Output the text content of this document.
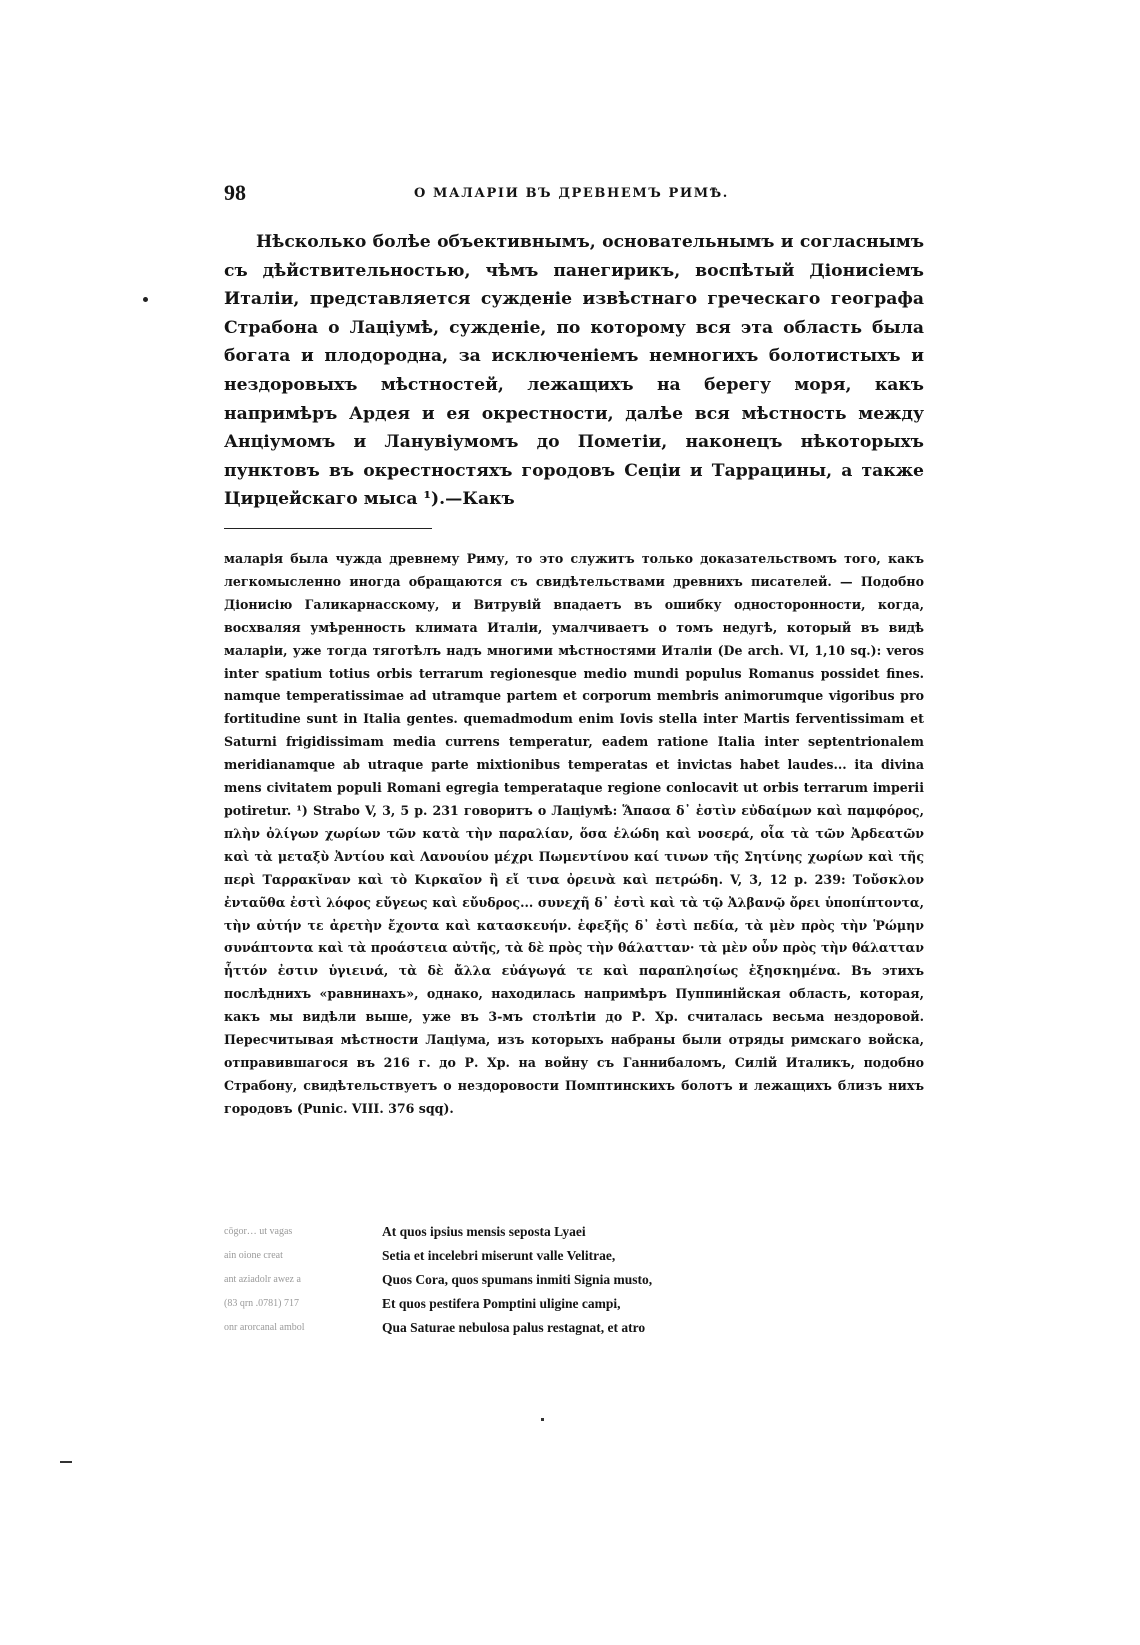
98	О МАЛАРІИ ВЪ ДРЕВНЕМЪ РИМѢ.

Нѣсколько болѣе объективнымъ, основательнымъ и согласнымъ съ дѣйствительностью, чѣмъ панегирикъ, воспѣтый Діонисіемъ Италіи, представляется сужденіе извѣстнаго греческаго географа Страбона о Лаціумѣ, сужденіе, по которому вся эта область была богата и плодородна, за исключеніемъ немногихъ болотистыхъ и нездоровыхъ мѣстностей, лежащихъ на берегу моря, какъ напримѣръ Ардея и ея окрестности, далѣе вся мѣстность между Анціумомъ и Ланувіумомъ до Пометіи, наконецъ нѣкоторыхъ пунктовъ въ окрестностяхъ городовъ Сеціи и Таррацины, а также Цирцейскаго мыса ¹).—Какъ

маларія была чужда древнему Риму, то это служитъ только доказательствомъ того, какъ легкомысленно иногда обращаются съ свидѣтельствами древнихъ писателей. — Подобно Діонисію Галикарнасскому, и Витрувій впадаетъ въ ошибку односторонности, когда, восхваляя умѣренность климата Италіи, умалчиваетъ о томъ недугѣ, который въ видѣ маларіи, уже тогда тяготѣлъ надъ многими мѣстностями Италіи (De arch. VI, 1,10 sq.): veros inter spatium totius orbis terrarum regionesque medio mundi populus Romanus possidet fines. namque temperatissimae ad utramque partem et corporum membris animorumque vigoribus pro fortitudine sunt in Italia gentes. quemadmodum enim Iovis stella inter Martis ferventissimam et Saturni frigidissimam media currens temperatur, eadem ratione Italia inter septentrionalem meridianamque ab utraque parte mixtionibus temperatas et invictas habet laudes... ita divina mens civitatem populi Romani egregia temperataque regione conlocavit ut orbis terrarum imperii potiretur. ¹) Strabo V, 3, 5 p. 231 говоритъ о Лаціумѣ: Ἅπασα δ᾽ ἐστὶν εὐδαίμων καὶ παμφόρος, πλὴν ὀλίγων χωρίων τῶν κατὰ τὴν παραλίαν, ὅσα ἑλώδη καὶ νοσερά, οἷα τὰ τῶν Ἀρδεατῶν καὶ τὰ μεταξὺ Ἀντίου καὶ Λανουίου μέχρι Πωμεντίνου καί τινων τῆς Σητίνης χωρίων καὶ τῆς περὶ Ταρρακῖναν καὶ τὸ Κιρκαῖον ἢ εἴ τινα ὀρεινὰ καὶ πετρώδη. V, 3, 12 p. 239: Τοὔσκλον ἐνταῦθα ἐστὶ λόφος εὔγεως καὶ εὔυδρος... συνεχῆ δ᾽ ἐστὶ καὶ τὰ τῷ Ἀλβανῷ ὄρει ὑποπίπτοντα, τὴν αὐτήν τε ἀρετὴν ἔχοντα καὶ κατασκευήν. ἐφεξῆς δ᾽ ἐστὶ πεδία, τὰ μὲν πρὸς τὴν Ῥώμην συνάπτοντα καὶ τὰ προάστεια αὐτῆς, τὰ δὲ πρὸς τὴν θάλατταν· τὰ μὲν οὖν πρὸς τὴν θάλατταν ἧττόν ἐστιν ὑγιεινά, τὰ δὲ ἄλλα εὐάγωγά τε καὶ παραπλησίως ἐξησκημένα. Въ этихъ послѣднихъ «равнинахъ», однако, находилась напримѣръ Пуппинійская область, которая, какъ мы видѣли выше, уже въ 3-мъ столѣтіи до Р. Хр. считалась весьма нездоровой. Пересчитывая мѣстности Лаціума, изъ которыхъ набраны были отряды римскаго войска, отправившагося въ 216 г. до Р. Хр. на войну съ Ганнибаломъ, Силій Италикъ, подобно Страбону, свидѣтельствуетъ о нездоровости Помптинскихъ болотъ и лежащихъ близъ нихъ городовъ (Punic. VIII. 376 sqq).

cōgor… ut vagas	At quos ipsius mensis seposta Lyaei
ain oione creat	Setia et incelebri miserunt valle Velitrae,
ant aziadolr awez a	Quos Cora, quos spumans inmiti Signia musto,
(83 qrn .0781) 717	Et quos pestifera Pomptini uligine campi,
onr arorcanal ambol	Qua Saturae nebulosa palus restagnat, et atro
